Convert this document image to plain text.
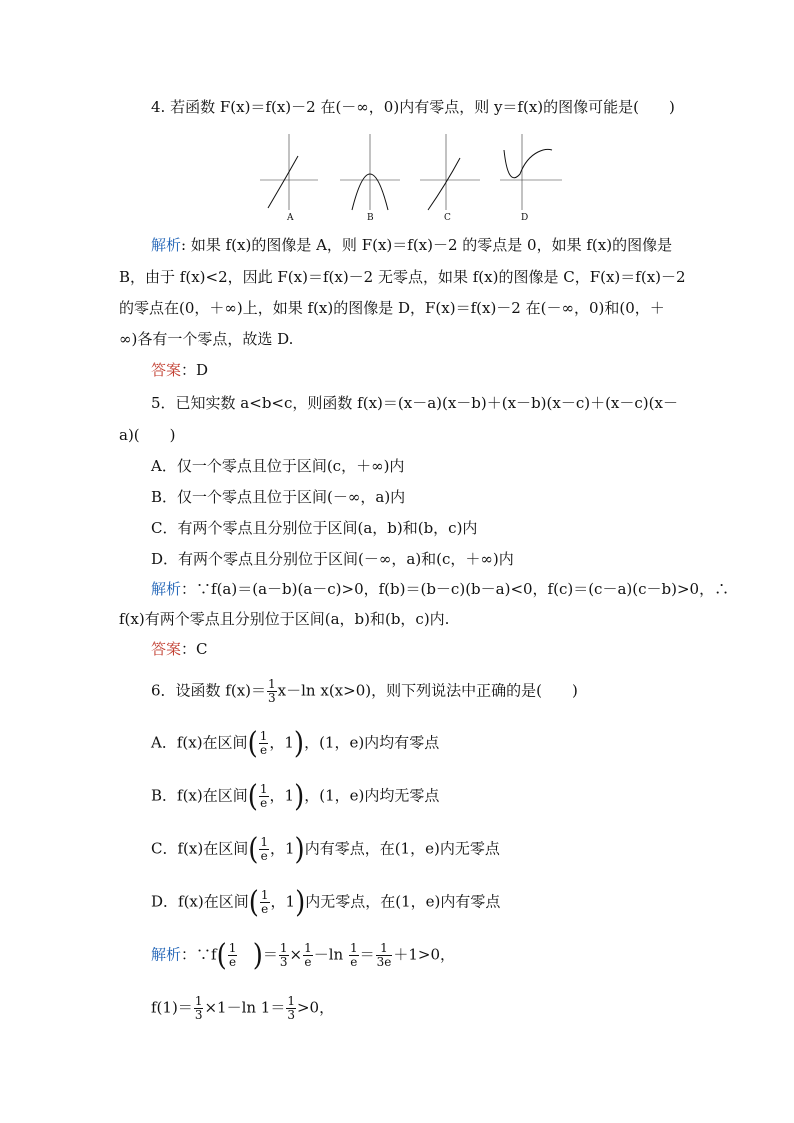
4. 若函数 F(x)＝f(x)－2 在(－∞，0)内有零点，则 y＝f(x)的图像可能是(　　)
A	B	C	D
解析: 如果 f(x)的图像是 A，则 F(x)＝f(x)－2 的零点是 0，如果 f(x)的图像是
B，由于 f(x)<2，因此 F(x)＝f(x)－2 无零点，如果 f(x)的图像是 C，F(x)＝f(x)－2
的零点在(0，＋∞)上，如果 f(x)的图像是 D，F(x)＝f(x)－2 在(－∞，0)和(0，＋
∞)各有一个零点，故选 D.
答案：D
5．已知实数 a<b<c，则函数 f(x)＝(x－a)(x－b)＋(x－b)(x－c)＋(x－c)(x－
a)(　　)
A．仅一个零点且位于区间(c，＋∞)内
B．仅一个零点且位于区间(－∞，a)内
C．有两个零点且分别位于区间(a，b)和(b，c)内
D．有两个零点且分别位于区间(－∞，a)和(c，＋∞)内
解析：∵f(a)＝(a－b)(a－c)>0，f(b)＝(b－c)(b－a)<0，f(c)＝(c－a)(c－b)>0，∴
f(x)有两个零点且分别位于区间(a，b)和(b，c)内.
答案：C
6．设函数 $f(x)= \frac{1}{3} x-\ln$ x(x>0)，则下列说法中正确的是(　　)
A．f(x)在区间( $\frac{1}{e}$ ，1)，(1，e)内均有零点
B．f(x)在区间( $\frac{1}{e}$ ，1)，(1，e)内均无零点
C．f(x)在区间( $\frac{1}{e}$ ，1)内有零点，在(1，e)内无零点
D．f(x)在区间( $\frac{1}{e}$ ，1)内无零点，在(1，e)内有零点
解析：∵f( $\frac{1}{e}$ )＝ $\frac{1}{3} \times \frac{1}{e} -\ln \frac{1}{e} = \frac{1}{3e} +1>0$，
$f(1)= \frac{1}{3} \times 1-\ln$ $1= \frac{1}{3} >0$，
